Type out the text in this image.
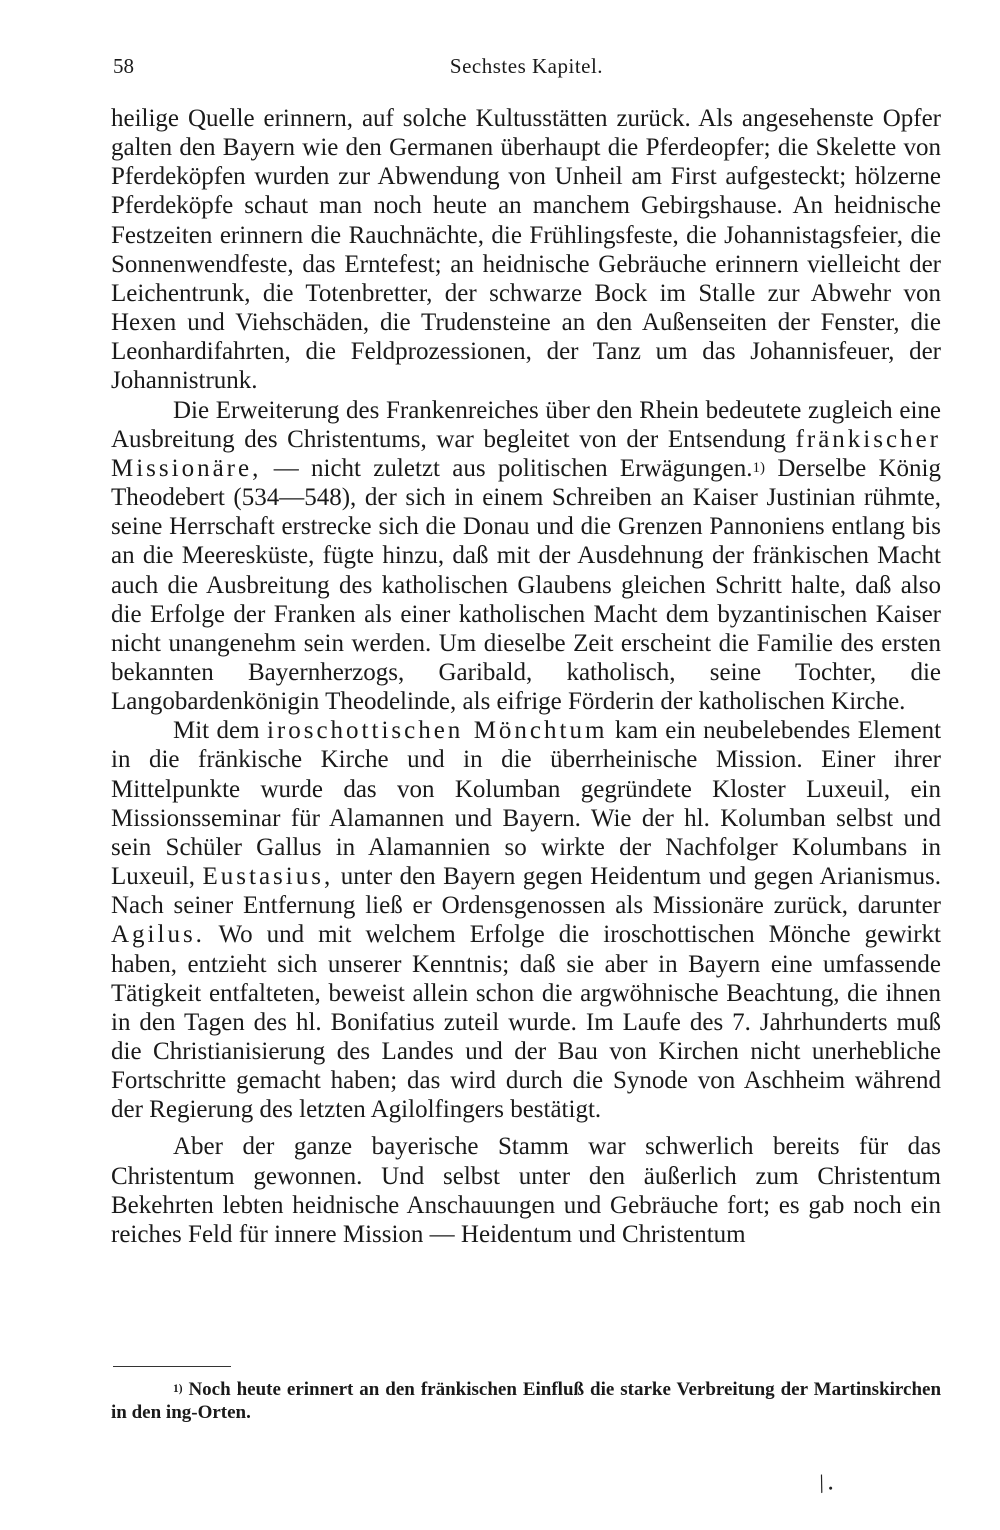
58	Sechstes Kapitel.

heilige Quelle erinnern, auf solche Kultusstätten zurück. Als angesehenste Opfer galten den Bayern wie den Germanen überhaupt die Pferdeopfer; die Skelette von Pferdeköpfen wurden zur Abwendung von Unheil am First aufgesteckt; hölzerne Pferdeköpfe schaut man noch heute an manchem Gebirgshause. An heidnische Festzeiten erinnern die Rauchnächte, die Frühlingsfeste, die Johannistagsfeier, die Sonnenwendfeste, das Erntefest; an heidnische Gebräuche erinnern vielleicht der Leichentrunk, die Totenbretter, der schwarze Bock im Stalle zur Abwehr von Hexen und Viehschäden, die Trudensteine an den Außenseiten der Fenster, die Leonhardifahrten, die Feldprozessionen, der Tanz um das Johannisfeuer, der Johannistrunk.

Die Erweiterung des Frankenreiches über den Rhein bedeutete zugleich eine Ausbreitung des Christentums, war begleitet von der Entsendung fränkischer Missionäre, — nicht zuletzt aus politischen Erwägungen.$^{1)}$ Derselbe König Theodebert (534—548), der sich in einem Schreiben an Kaiser Justinian rühmte, seine Herrschaft erstrecke sich die Donau und die Grenzen Pannoniens entlang bis an die Meeresküste, fügte hinzu, daß mit der Ausdehnung der fränkischen Macht auch die Ausbreitung des katholischen Glaubens gleichen Schritt halte, daß also die Erfolge der Franken als einer katholischen Macht dem byzantinischen Kaiser nicht unangenehm sein werden. Um dieselbe Zeit erscheint die Familie des ersten bekannten Bayernherzogs, Garibald, katholisch, seine Tochter, die Langobardenkönigin Theodelinde, als eifrige Förderin der katholischen Kirche.

Mit dem iroschottischen Mönchtum kam ein neubelebendes Element in die fränkische Kirche und in die überrheinische Mission. Einer ihrer Mittelpunkte wurde das von Kolumban gegründete Kloster Luxeuil, ein Missionsseminar für Alamannen und Bayern. Wie der hl. Kolumban selbst und sein Schüler Gallus in Alamannien so wirkte der Nachfolger Kolumbans in Luxeuil, Eustasius, unter den Bayern gegen Heidentum und gegen Arianismus. Nach seiner Entfernung ließ er Ordensgenossen als Missionäre zurück, darunter Agilus. Wo und mit welchem Erfolge die iroschottischen Mönche gewirkt haben, entzieht sich unserer Kenntnis; daß sie aber in Bayern eine umfassende Tätigkeit entfalteten, beweist allein schon die argwöhnische Beachtung, die ihnen in den Tagen des hl. Bonifatius zuteil wurde. Im Laufe des 7. Jahrhunderts muß die Christianisierung des Landes und der Bau von Kirchen nicht unerhebliche Fortschritte gemacht haben; das wird durch die Synode von Aschheim während der Regierung des letzten Agilolfingers bestätigt.

Aber der ganze bayerische Stamm war schwerlich bereits für das Christentum gewonnen. Und selbst unter den äußerlich zum Christentum Bekehrten lebten heidnische Anschauungen und Gebräuche fort; es gab noch ein reiches Feld für innere Mission — Heidentum und Christentum

$^{1)}$ Noch heute erinnert an den fränkischen Einfluß die starke Verbreitung der Martinskirchen in den ing-Orten.
/.
